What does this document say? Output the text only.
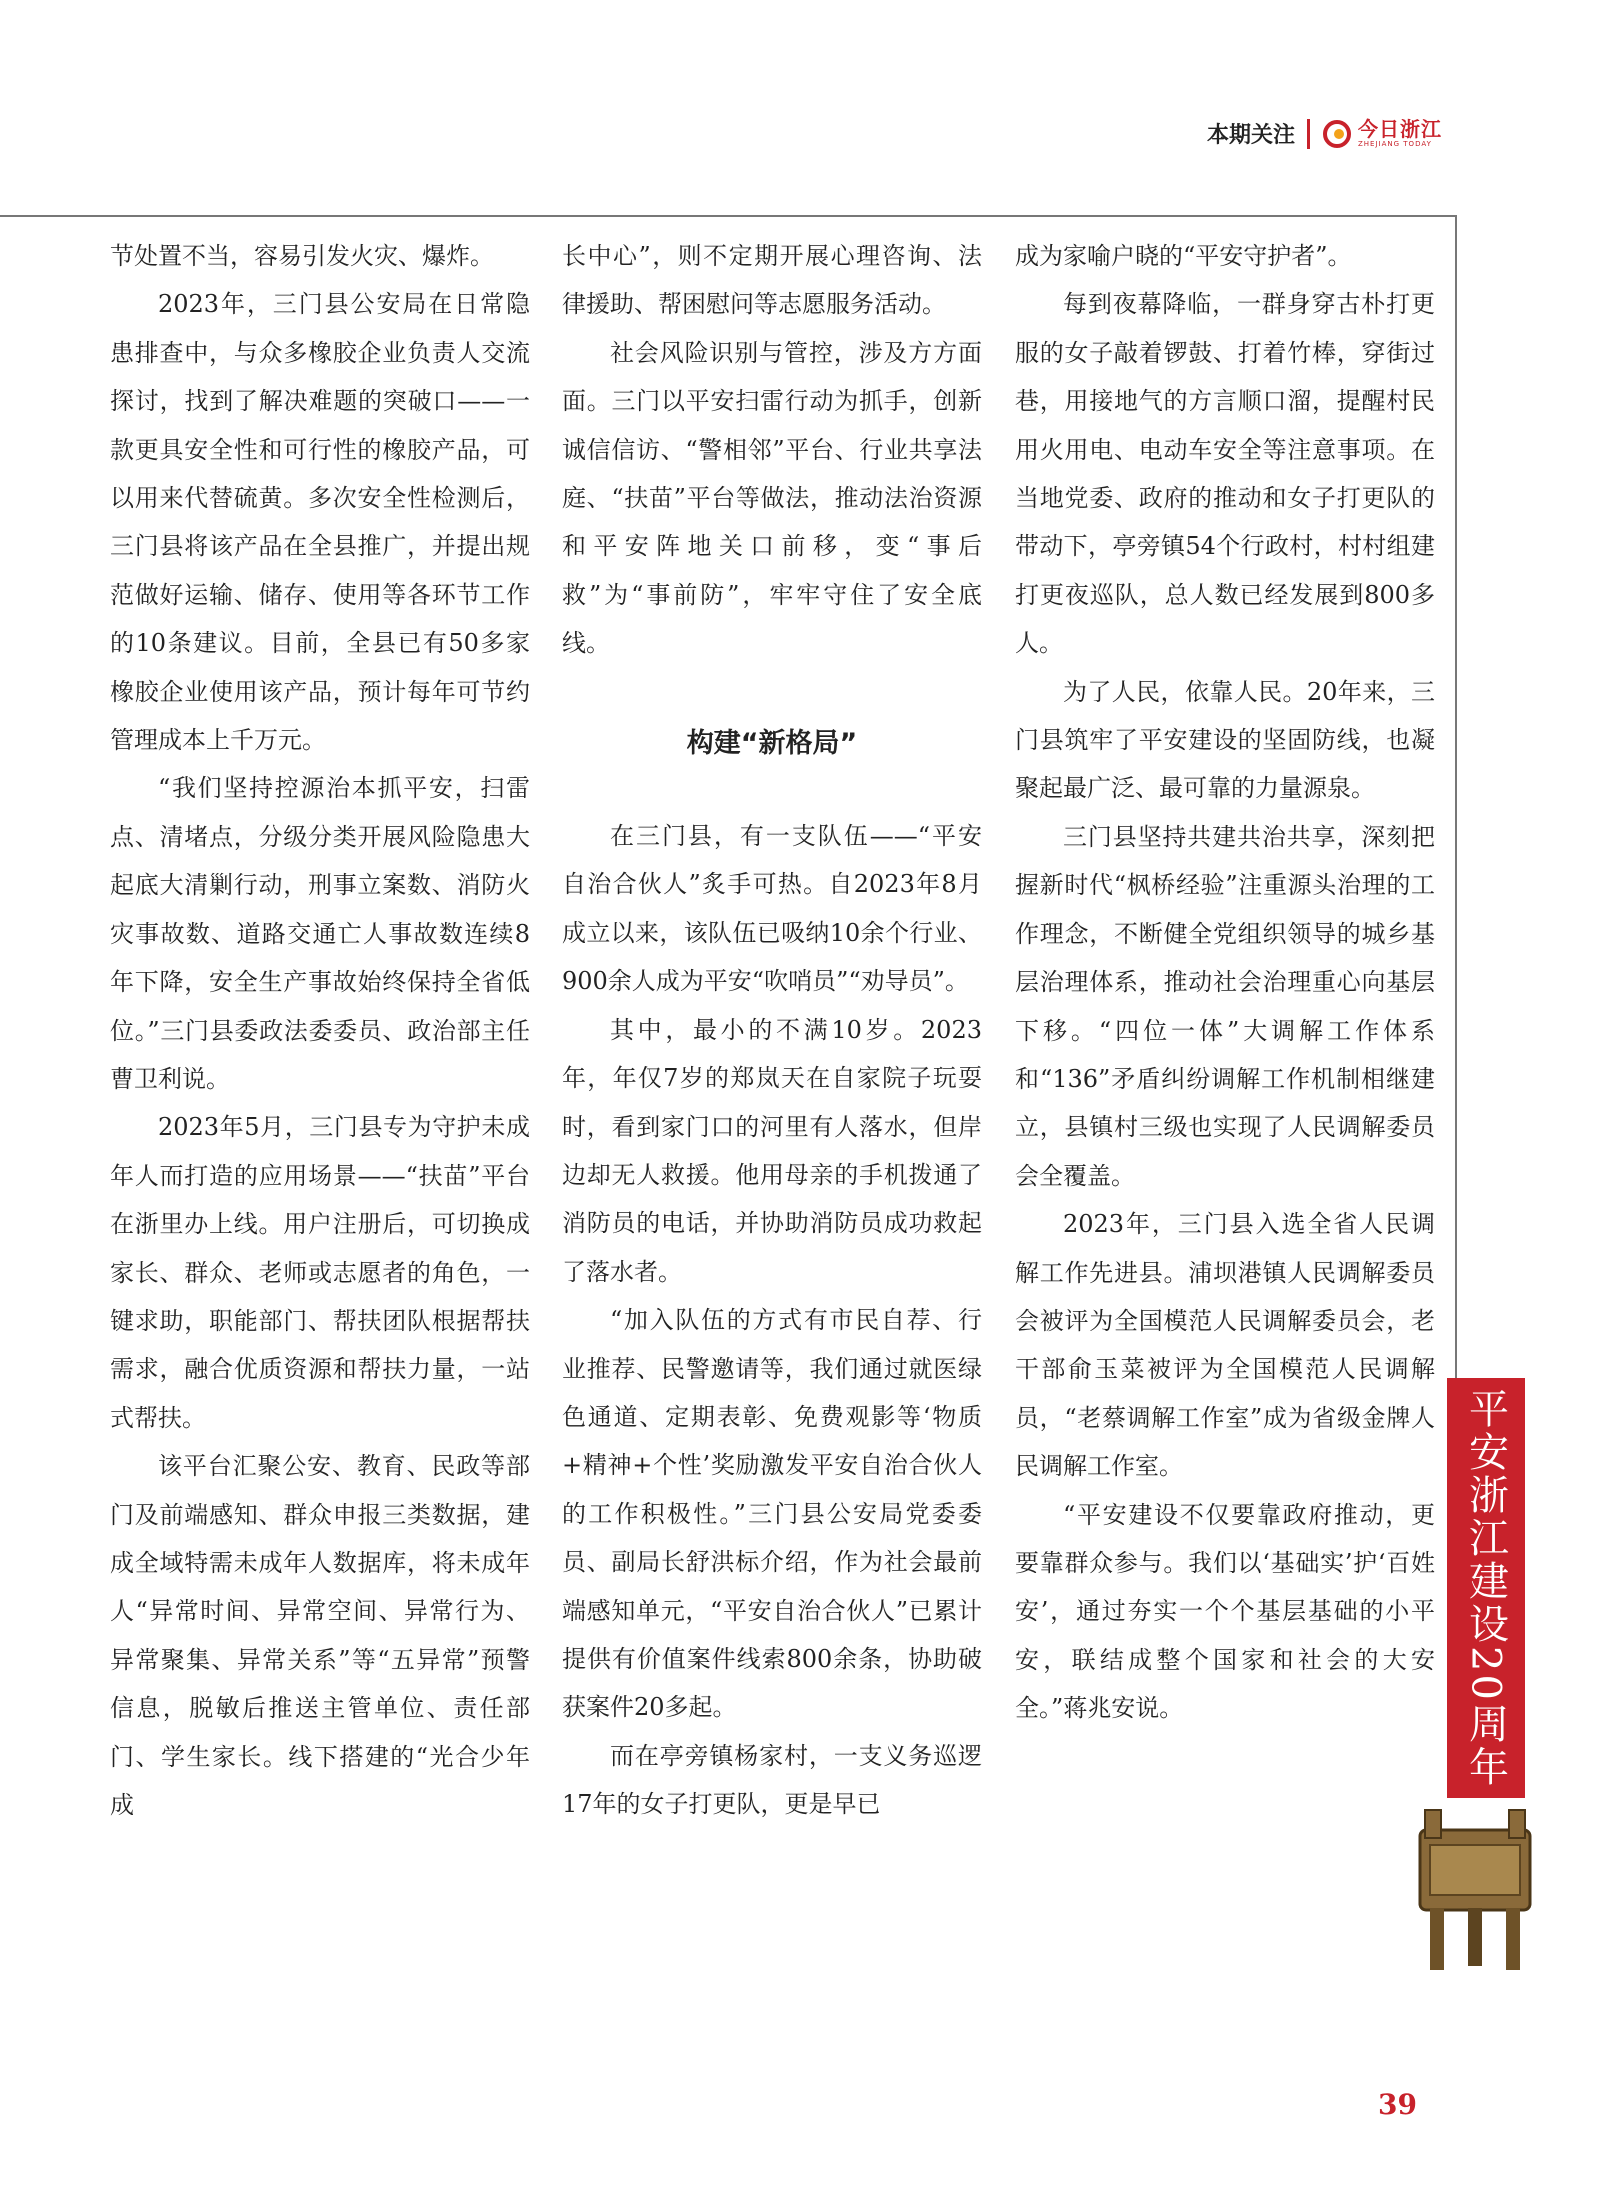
本期关注	今日浙江
ZHEJIANG TODAY

节处置不当，容易引发火灾、爆炸。

2023年，三门县公安局在日常隐患排查中，与众多橡胶企业负责人交流探讨，找到了解决难题的突破口——一款更具安全性和可行性的橡胶产品，可以用来代替硫黄。多次安全性检测后，三门县将该产品在全县推广，并提出规范做好运输、储存、使用等各环节工作的10条建议。目前，全县已有50多家橡胶企业使用该产品，预计每年可节约管理成本上千万元。

“我们坚持控源治本抓平安，扫雷点、清堵点，分级分类开展风险隐患大起底大清剿行动，刑事立案数、消防火灾事故数、道路交通亡人事故数连续8年下降，安全生产事故始终保持全省低位。”三门县委政法委委员、政治部主任曹卫利说。

2023年5月，三门县专为守护未成年人而打造的应用场景——“扶苗”平台在浙里办上线。用户注册后，可切换成家长、群众、老师或志愿者的角色，一键求助，职能部门、帮扶团队根据帮扶需求，融合优质资源和帮扶力量，一站式帮扶。

该平台汇聚公安、教育、民政等部门及前端感知、群众申报三类数据，建成全域特需未成年人数据库，将未成年人“异常时间、异常空间、异常行为、异常聚集、异常关系”等“五异常”预警信息，脱敏后推送主管单位、责任部门、学生家长。线下搭建的“光合少年成

长中心”，则不定期开展心理咨询、法律援助、帮困慰问等志愿服务活动。

社会风险识别与管控，涉及方方面面。三门以平安扫雷行动为抓手，创新诚信信访、“警相邻”平台、行业共享法庭、“扶苗”平台等做法，推动法治资源和平安阵地关口前移，变“事后救”为“事前防”，牢牢守住了安全底线。

构建“新格局”

在三门县，有一支队伍——“平安自治合伙人”炙手可热。自2023年8月成立以来，该队伍已吸纳10余个行业、900余人成为平安“吹哨员”“劝导员”。

其中，最小的不满10岁。2023年，年仅7岁的郑岚天在自家院子玩耍时，看到家门口的河里有人落水，但岸边却无人救援。他用母亲的手机拨通了消防员的电话，并协助消防员成功救起了落水者。

“加入队伍的方式有市民自荐、行业推荐、民警邀请等，我们通过就医绿色通道、定期表彰、免费观影等‘物质+精神+个性’奖励激发平安自治合伙人的工作积极性。”三门县公安局党委委员、副局长舒洪标介绍，作为社会最前端感知单元，“平安自治合伙人”已累计提供有价值案件线索800余条，协助破获案件20多起。

而在亭旁镇杨家村，一支义务巡逻17年的女子打更队，更是早已

成为家喻户晓的“平安守护者”。

每到夜幕降临，一群身穿古朴打更服的女子敲着锣鼓、打着竹棒，穿街过巷，用接地气的方言顺口溜，提醒村民用火用电、电动车安全等注意事项。在当地党委、政府的推动和女子打更队的带动下，亭旁镇54个行政村，村村组建打更夜巡队，总人数已经发展到800多人。

为了人民，依靠人民。20年来，三门县筑牢了平安建设的坚固防线，也凝聚起最广泛、最可靠的力量源泉。

三门县坚持共建共治共享，深刻把握新时代“枫桥经验”注重源头治理的工作理念，不断健全党组织领导的城乡基层治理体系，推动社会治理重心向基层下移。“四位一体”大调解工作体系和“136”矛盾纠纷调解工作机制相继建立，县镇村三级也实现了人民调解委员会全覆盖。

2023年，三门县入选全省人民调解工作先进县。浦坝港镇人民调解委员会被评为全国模范人民调解委员会，老干部俞玉菜被评为全国模范人民调解员，“老蔡调解工作室”成为省级金牌人民调解工作室。

“平安建设不仅要靠政府推动，更要靠群众参与。我们以‘基础实’护‘百姓安’，通过夯实一个个基层基础的小平安，联结成整个国家和社会的大安全。”蒋兆安说。	平安浙江建设20周年
39
